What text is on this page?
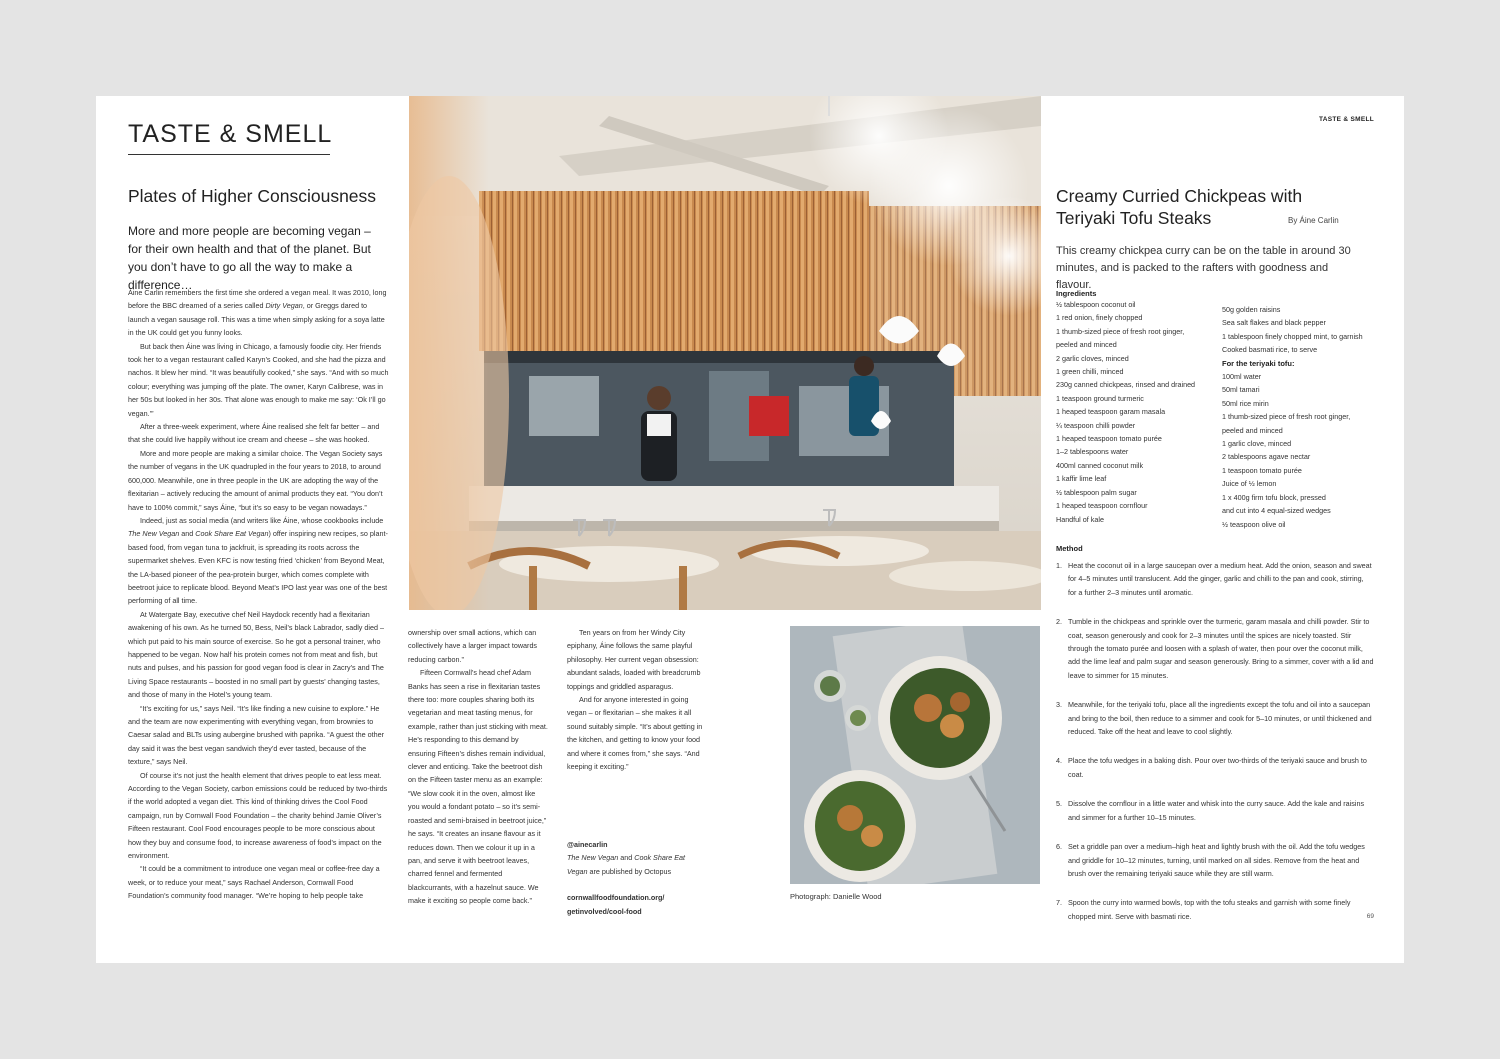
TASTE & SMELL
Plates of Higher Consciousness
More and more people are becoming vegan – for their own health and that of the planet. But you don’t have to go all the way to make a difference…

Áine Carlin remembers the first time she ordered a vegan meal. It was 2010, long before the BBC dreamed of a series called Dirty Vegan, or Greggs dared to launch a vegan sausage roll. This was a time when simply asking for a soya latte in the UK could get you funny looks.

But back then Áine was living in Chicago, a famously foodie city. Her friends took her to a vegan restaurant called Karyn’s Cooked, and she had the pizza and nachos. It blew her mind. “It was beautifully cooked,” she says. “And with so much colour; everything was jumping off the plate. The owner, Karyn Calibrese, was in her 50s but looked in her 30s. That alone was enough to make me say: ‘Ok I’ll go vegan.’”

After a three-week experiment, where Áine realised she felt far better – and that she could live happily without ice cream and cheese – she was hooked.

More and more people are making a similar choice. The Vegan Society says the number of vegans in the UK quadrupled in the four years to 2018, to around 600,000. Meanwhile, one in three people in the UK are adopting the way of the flexitarian – actively reducing the amount of animal products they eat. “You don’t have to 100% commit,” says Áine, “but it’s so easy to be vegan nowadays.”

Indeed, just as social media (and writers like Áine, whose cookbooks include The New Vegan and Cook Share Eat Vegan) offer inspiring new recipes, so plant-based food, from vegan tuna to jackfruit, is spreading its roots across the supermarket shelves. Even KFC is now testing fried ‘chicken’ from Beyond Meat, the LA-based pioneer of the pea-protein burger, which comes complete with beetroot juice to replicate blood. Beyond Meat’s IPO last year was one of the best performing of all time.

At Watergate Bay, executive chef Neil Haydock recently had a flexitarian awakening of his own. As he turned 50, Bess, Neil’s black Labrador, sadly died – which put paid to his main source of exercise. So he got a personal trainer, who happened to be vegan. Now half his protein comes not from meat and fish, but nuts and pulses, and his passion for good vegan food is clear in Zacry’s and The Living Space restaurants – boosted in no small part by guests’ changing tastes, and those of many in the Hotel’s young team.

“It’s exciting for us,” says Neil. “It’s like finding a new cuisine to explore.” He and the team are now experimenting with everything vegan, from brownies to Caesar salad and BLTs using aubergine brushed with paprika. “A guest the other day said it was the best vegan sandwich they’d ever tasted, because of the texture,” says Neil.

Of course it’s not just the health element that drives people to eat less meat. According to the Vegan Society, carbon emissions could be reduced by two-thirds if the world adopted a vegan diet. This kind of thinking drives the Cool Food campaign, run by Cornwall Food Foundation – the charity behind Jamie Oliver’s Fifteen restaurant. Cool Food encourages people to be more conscious about how they buy and consume food, to increase awareness of food’s impact on the environment.

“It could be a commitment to introduce one vegan meal or coffee-free day a week, or to reduce your meat,” says Rachael Anderson, Cornwall Food Foundation’s community food manager. “We’re hoping to help people take

ownership over small actions, which can collectively have a larger impact towards reducing carbon.”

Fifteen Cornwall’s head chef Adam Banks has seen a rise in flexitarian tastes there too: more couples sharing both its vegetarian and meat tasting menus, for example, rather than just sticking with meat. He’s responding to this demand by ensuring Fifteen’s dishes remain individual, clever and enticing. Take the beetroot dish on the Fifteen taster menu as an example: “We slow cook it in the oven, almost like you would a fondant potato – so it’s semi-roasted and semi-braised in beetroot juice,” he says. “It creates an insane flavour as it reduces down. Then we colour it up in a pan, and serve it with beetroot leaves, charred fennel and fermented blackcurrants, with a hazelnut sauce. We make it exciting so people come back.”

Ten years on from her Windy City epiphany, Áine follows the same playful philosophy. Her current vegan obsession: abundant salads, loaded with breadcrumb toppings and griddled asparagus.

And for anyone interested in going vegan – or flexitarian – she makes it all sound suitably simple. “It’s about getting in the kitchen, and getting to know your food and where it comes from,” she says. “And keeping it exciting.”

@ainecarlin
The New Vegan and Cook Share Eat Vegan are published by Octopus
cornwallfoodfoundation.org/ getinvolved/cool-food
Photograph: Danielle Wood
TASTE & SMELL
Creamy Curried Chickpeas with Teriyaki Tofu Steaks	By Áine Carlin
This creamy chickpea curry can be on the table in around 30 minutes, and is packed to the rafters with goodness and flavour.
Ingredients
½ tablespoon coconut oil
1 red onion, finely chopped
1 thumb-sized piece of fresh root ginger,
peeled and minced
2 garlic cloves, minced
1 green chilli, minced
230g canned chickpeas, rinsed and drained
1 teaspoon ground turmeric
1 heaped teaspoon garam masala
¼ teaspoon chilli powder
1 heaped teaspoon tomato purée
1–2 tablespoons water
400ml canned coconut milk
1 kaffir lime leaf
½ tablespoon palm sugar
1 heaped teaspoon cornflour
Handful of kale
50g golden raisins
Sea salt flakes and black pepper
1 tablespoon finely chopped mint, to garnish
Cooked basmati rice, to serve
For the teriyaki tofu:
100ml water
50ml tamari
50ml rice mirin
1 thumb-sized piece of fresh root ginger,
peeled and minced
1 garlic clove, minced
2 tablespoons agave nectar
1 teaspoon tomato purée
Juice of ½ lemon
1 x 400g firm tofu block, pressed
and cut into 4 equal-sized wedges
½ teaspoon olive oil
Method
1. Heat the coconut oil in a large saucepan over a medium heat. Add the onion, season and sweat for 4–5 minutes until translucent. Add the ginger, garlic and chilli to the pan and cook, stirring, for a further 2–3 minutes until aromatic.
2. Tumble in the chickpeas and sprinkle over the turmeric, garam masala and chilli powder. Stir to coat, season generously and cook for 2–3 minutes until the spices are nicely toasted. Stir through the tomato purée and loosen with a splash of water, then pour over the coconut milk, add the lime leaf and palm sugar and season generously. Bring to a simmer, cover with a lid and leave to simmer for 15 minutes.
3. Meanwhile, for the teriyaki tofu, place all the ingredients except the tofu and oil into a saucepan and bring to the boil, then reduce to a simmer and cook for 5–10 minutes, or until thickened and reduced. Take off the heat and leave to cool slightly.
4. Place the tofu wedges in a baking dish. Pour over two-thirds of the teriyaki sauce and brush to coat.
5. Dissolve the cornflour in a little water and whisk into the curry sauce. Add the kale and raisins and simmer for a further 10–15 minutes.
6. Set a griddle pan over a medium–high heat and lightly brush with the oil. Add the tofu wedges and griddle for 10–12 minutes, turning, until marked on all sides. Remove from the heat and brush over the remaining teriyaki sauce while they are still warm.
7. Spoon the curry into warmed bowls, top with the tofu steaks and garnish with some finely chopped mint. Serve with basmati rice.	69
